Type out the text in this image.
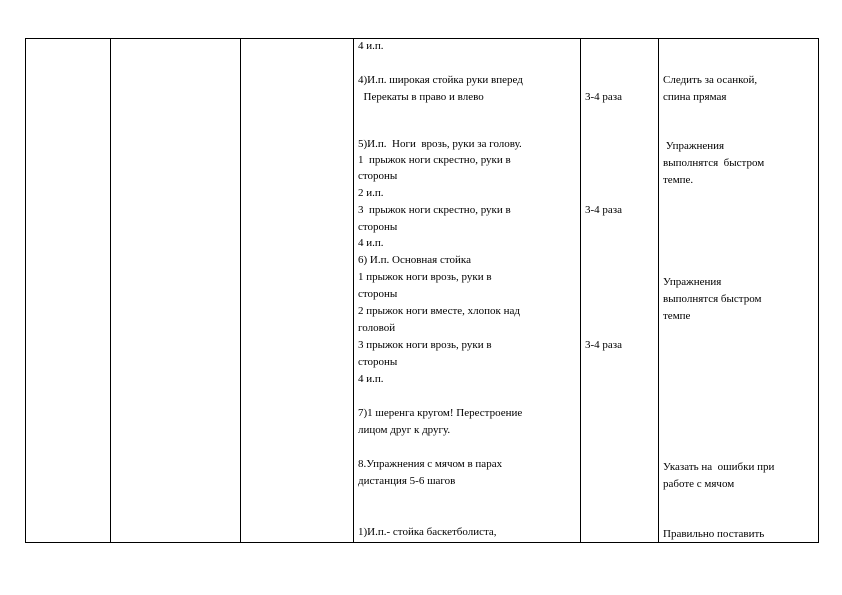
4 и.п.
4)И.п. широкая стойка руки вперед
Перекаты в право и влево
5)И.п.  Ноги  врозь, руки за голову.
1  прыжок ноги скрестно, руки в
стороны
2 и.п.
3  прыжок ноги скрестно, руки в
стороны
4 и.п.
6) И.п. Основная стойка
1 прыжок ноги врозь, руки в
стороны
2 прыжок ноги вместе, хлопок над
головой
3 прыжок ноги врозь, руки в
стороны
4 и.п.
7)1 шеренга кругом! Перестроение
лицом друг к другу.
8.Упражнения с мячом в парах
дистанция 5-6 шагов
1)И.п.- стойка баскетболиста,
3-4 раза
3-4 раза
3-4 раза
Следить за осанкой,
спина прямая
Упражнения
выполнятся  быстром
темпе.
Упражнения
выполнятся быстром
темпе
Указать на  ошибки при
работе с мячом
Правильно поставить
